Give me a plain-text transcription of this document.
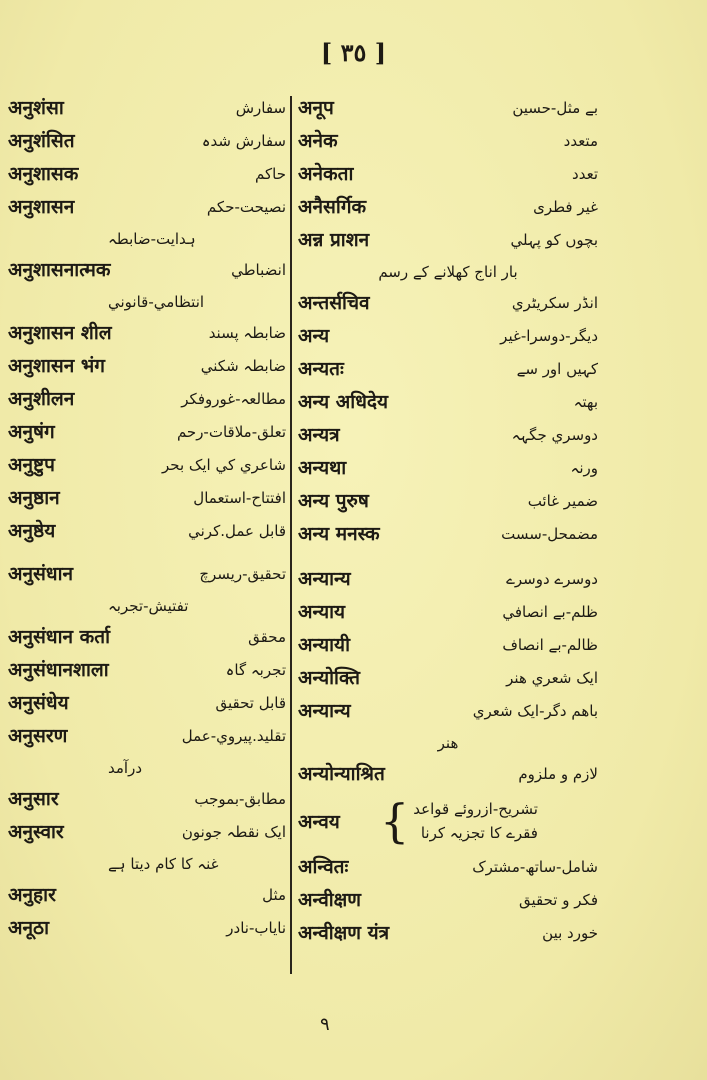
[ ٣٥ ]
अनुशंसा	سفارش
अनुशंसित	سفارش شدہ
अनुशासक	حاکم
अनुशासन	نصیحت-حکم
ہدایت-ضابطہ
अनुशासनात्मक	انضباطي
انتظامي-قانوني
अनुशासन शील	ضابطہ پسند
अनुशासन भंग	ضابطہ شکني
अनुशीलन	مطالعہ-غوروفکر
अनुषंग	تعلق-ملاقات-رحم
अनुष्टुप	شاعري کي ایک بحر
अनुष्ठान	افتتاح-استعمال
अनुष्ठेय	قابل عمل.کرني
अनुसंधान	تحقیق-ریسرچ
تفتیش-تجربہ
अनुसंधान कर्ता	محقق
अनुसंधानशाला	تجربہ گاہ
अनुसंधेय	قابل تحقیق
अनुसरण	تقلید.پیروي-عمل
درآمد
अनुसार	مطابق-بموجب
अनुस्वार	ایک نقطہ جونون
غنہ کا کام دیتا ہے
अनुहार	مثل
अनूठा	نایاب-نادر
अनूप	بے مثل-حسین
अनेक	متعدد
अनेकता	تعدد
अनैसर्गिक	غیر فطری
अन्न प्राशन	بچوں کو پہلي
بار اناج کھلانے کے رسم
अन्तर्सचिव	انڈر سکریٹري
अन्य	دیگر-دوسرا-غیر
अन्यतः	کہیں اور سے
अन्य अधिदेय	بھتہ
अन्यत्र	دوسري جگہہ
अन्यथा	ورنہ
अन्य पुरुष	ضمیر غائب
अन्य मनस्क	مضمحل-سست
अन्यान्य	دوسرے دوسرے
अन्याय	ظلم-بے انصافي
अन्यायी	ظالم-بے انصاف
अन्योक्ति	ایک شعري هنر
अन्यान्य	باهم دگر-ایک شعري
هنر
अन्योन्याश्रित	لازم و ملزوم
अन्वय { تشریح-ازروئے قواعد
فقرے کا تجزیہ کرنا
अन्वितः	شامل-ساتھ-مشترک
अन्वीक्षण	فکر و تحقیق
अन्वीक्षण यंत्र	خورد بین
۹
